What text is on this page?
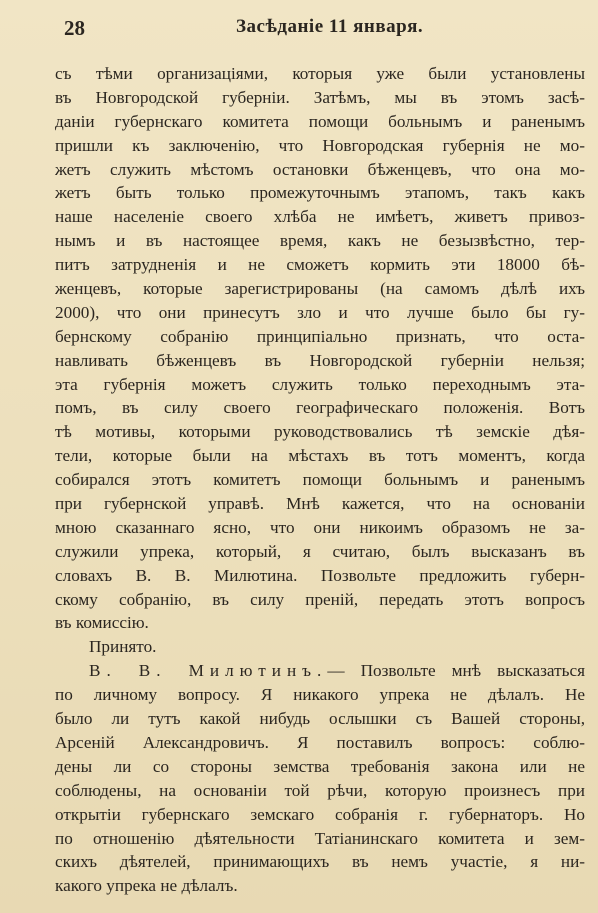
28	Засѣданіе 11 января.
съ тѣми организаціями, которыя уже были установлены
въ Новгородской губерніи. Затѣмъ, мы въ этомъ засѣ-
даніи губернскаго комитета помощи больнымъ и раненымъ
пришли къ заключенію, что Новгородская губернія не мо-
жетъ служить мѣстомъ остановки бѣженцевъ, что она мо-
жетъ быть только промежуточнымъ этапомъ, такъ какъ
наше населеніе своего хлѣба не имѣетъ, живетъ привоз-
нымъ и въ настоящее время, какъ не безызвѣстно, тер-
питъ затрудненія и не сможетъ кормить эти 18000 бѣ-
женцевъ, которые зарегистрированы (на самомъ дѣлѣ ихъ
2000), что они принесутъ зло и что лучше было бы гу-
бернскому собранію принципіально признать, что оста-
навливать бѣженцевъ въ Новгородской губерніи нельзя;
эта губернія можетъ служить только переходнымъ эта-
помъ, въ силу своего географическаго положенія. Вотъ
тѣ мотивы, которыми руководствовались тѣ земскіе дѣя-
тели, которые были на мѣстахъ въ тотъ моментъ, когда
собирался этотъ комитетъ помощи больнымъ и раненымъ
при губернской управѣ. Мнѣ кажется, что на основаніи
мною сказаннаго ясно, что они никоимъ образомъ не за-
служили упрека, который, я считаю, былъ высказанъ въ
словахъ В. В. Милютина. Позвольте предложить губерн-
скому собранію, въ силу преній, передать этотъ вопросъ
въ комиссію.
Принято.
В. В. Милютинъ.— Позвольте мнѣ высказаться
по личному вопросу. Я никакого упрека не дѣлалъ. Не
было ли тутъ какой нибудь ослышки съ Вашей стороны,
Арсеній Александровичъ. Я поставилъ вопросъ: соблю-
дены ли со стороны земства требованія закона или не
соблюдены, на основаніи той рѣчи, которую произнесъ при
открытіи губернскаго земскаго собранія г. губернаторъ. Но
по отношенію дѣятельности Татіанинскаго комитета и зем-
скихъ дѣятелей, принимающихъ въ немъ участіе, я ни-
какого упрека не дѣлалъ.
